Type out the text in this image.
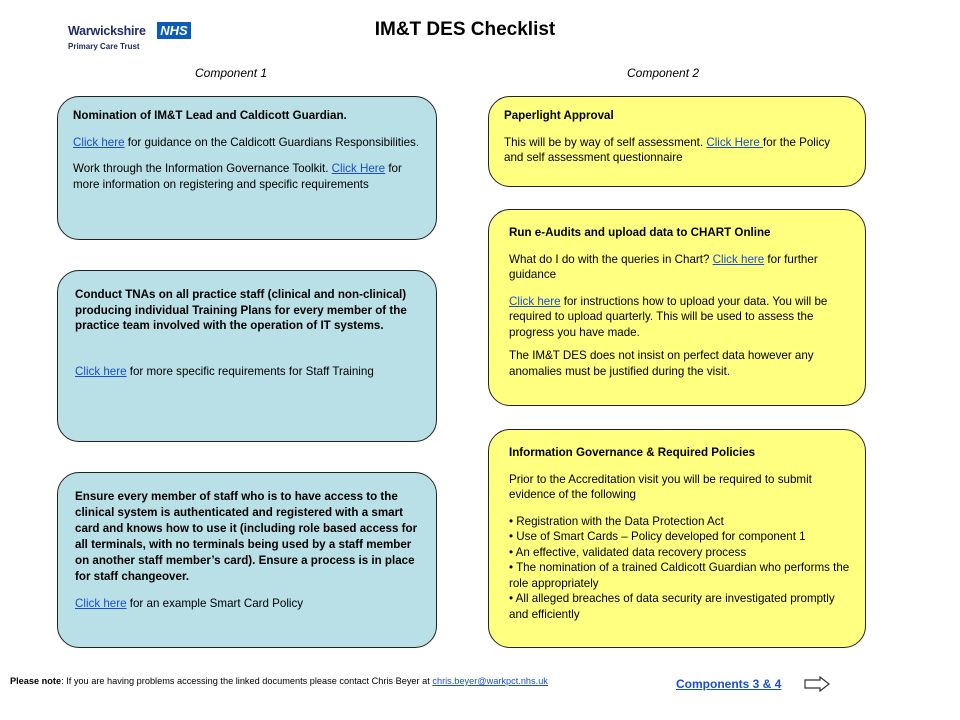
Warwickshire NHS
Primary Care Trust
IM&T DES Checklist
Component 1	Component 2

Nomination of IM&T Lead and Caldicott Guardian.

Click here for guidance on the Caldicott Guardians Responsibilities.

Work through the Information Governance Toolkit. Click Here for more information on registering and specific requirements

Conduct TNAs on all practice staff (clinical and non-clinical) producing individual Training Plans for every member of the practice team involved with the operation of IT systems.

Click here for more specific requirements for Staff Training

Ensure every member of staff who is to have access to the clinical system is authenticated and registered with a smart card and knows how to use it (including role based access for all terminals, with no terminals being used by a staff member on another staff member’s card). Ensure a process is in place for staff changeover.

Click here for an example Smart Card Policy

Paperlight Approval

This will be by way of self assessment. Click Here for the Policy and self assessment questionnaire

Run e-Audits and upload data to CHART Online

What do I do with the queries in Chart? Click here for further guidance

Click here for instructions how to upload your data. You will be required to upload quarterly. This will be used to assess the progress you have made.

The IM&T DES does not insist on perfect data however any anomalies must be justified during the visit.

Information Governance & Required Policies

Prior to the Accreditation visit you will be required to submit evidence of the following

• Registration with the Data Protection Act

• Use of Smart Cards – Policy developed for component 1

• An effective, validated data recovery process

• The nomination of a trained Caldicott Guardian who performs the role appropriately

• All alleged breaches of data security are investigated promptly and efficiently

Please note: If you are having problems accessing the linked documents please contact Chris Beyer at chris.beyer@warkpct.nhs.uk	Components 3 & 4
